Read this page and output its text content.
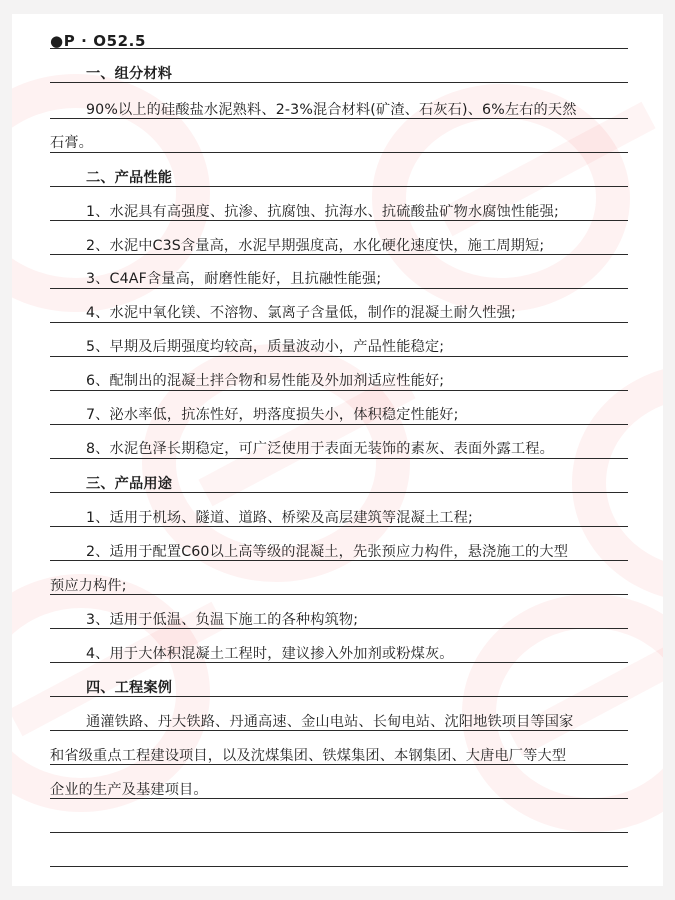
●P · O52.5
一、组分材料
90%以上的硅酸盐水泥熟料、2-3%混合材料(矿渣、石灰石)、6%左右的天然
石膏。
二、产品性能
1、水泥具有高强度、抗渗、抗腐蚀、抗海水、抗硫酸盐矿物水腐蚀性能强;
2、水泥中C3S含量高，水泥早期强度高，水化硬化速度快，施工周期短;
3、C4AF含量高，耐磨性能好，且抗融性能强;
4、水泥中氧化镁、不溶物、氯离子含量低，制作的混凝土耐久性强;
5、早期及后期强度均较高，质量波动小，产品性能稳定;
6、配制出的混凝土拌合物和易性能及外加剂适应性能好;
7、泌水率低，抗冻性好，坍落度损失小，体积稳定性能好;
8、水泥色泽长期稳定，可广泛使用于表面无装饰的素灰、表面外露工程。
三、产品用途
1、适用于机场、隧道、道路、桥梁及高层建筑等混凝土工程;
2、适用于配置C60以上高等级的混凝土，先张预应力构件，悬浇施工的大型
预应力构件;
3、适用于低温、负温下施工的各种构筑物;
4、用于大体积混凝土工程时，建议掺入外加剂或粉煤灰。
四、工程案例
通灌铁路、丹大铁路、丹通高速、金山电站、长甸电站、沈阳地铁项目等国家
和省级重点工程建设项目，以及沈煤集团、铁煤集团、本钢集团、大唐电厂等大型
企业的生产及基建项目。
